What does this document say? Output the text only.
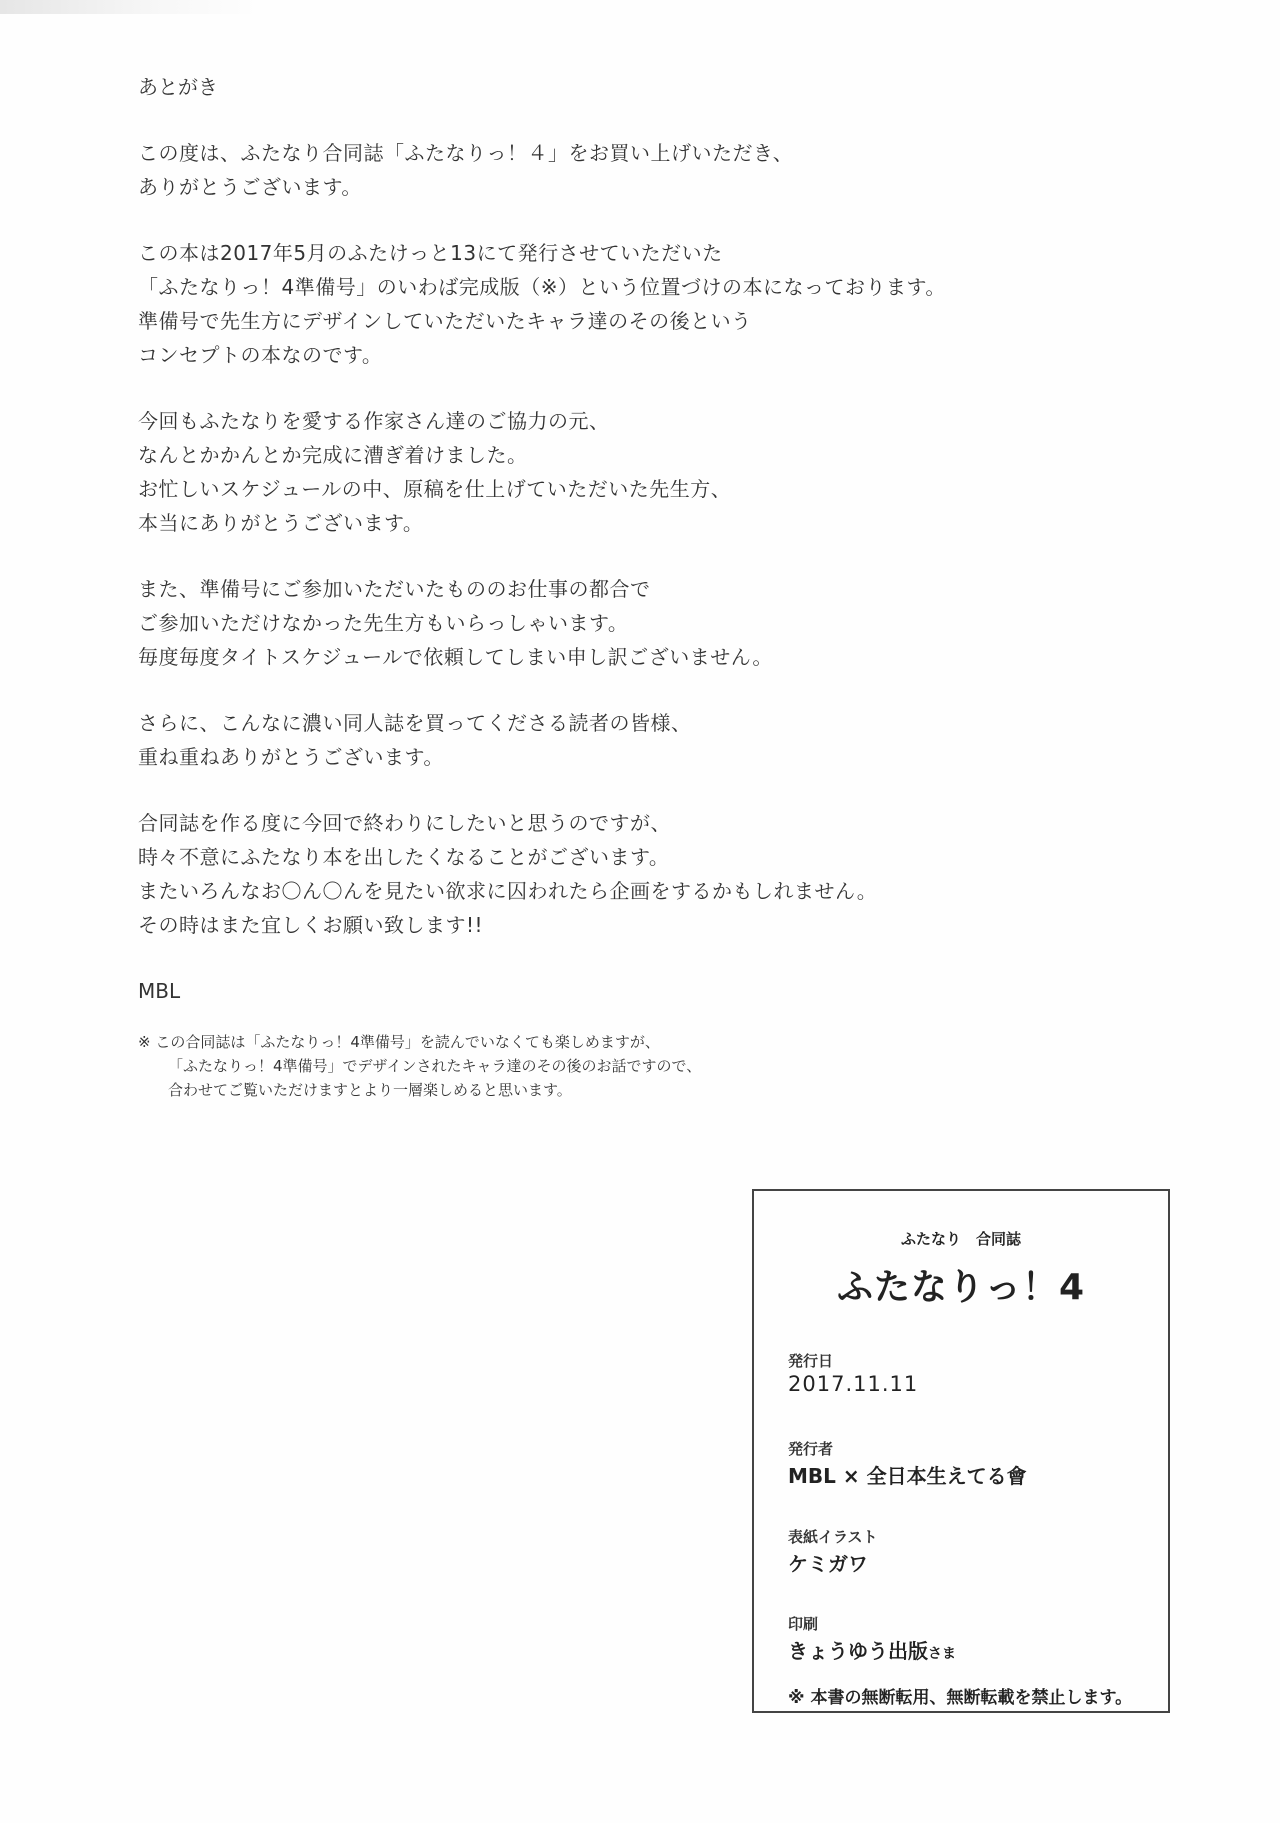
あとがき
この度は、ふたなり合同誌「ふたなりっ！４」をお買い上げいただき、
ありがとうございます。
この本は2017年5月のふたけっと13にて発行させていただいた
「ふたなりっ！4準備号」のいわば完成版（※）という位置づけの本になっております。
準備号で先生方にデザインしていただいたキャラ達のその後という
コンセプトの本なのです。
今回もふたなりを愛する作家さん達のご協力の元、
なんとかかんとか完成に漕ぎ着けました。
お忙しいスケジュールの中、原稿を仕上げていただいた先生方、
本当にありがとうございます。
また、準備号にご参加いただいたもののお仕事の都合で
ご参加いただけなかった先生方もいらっしゃいます。
毎度毎度タイトスケジュールで依頼してしまい申し訳ございません。
さらに、こんなに濃い同人誌を買ってくださる読者の皆様、
重ね重ねありがとうございます。
合同誌を作る度に今回で終わりにしたいと思うのですが、
時々不意にふたなり本を出したくなることがございます。
またいろんなお〇ん〇んを見たい欲求に囚われたら企画をするかもしれません。
その時はまた宜しくお願い致します!!
MBL
※ この合同誌は「ふたなりっ！4準備号」を読んでいなくても楽しめますが、
「ふたなりっ！4準備号」でデザインされたキャラ達のその後のお話ですので、
合わせてご覧いただけますとより一層楽しめると思います。
ふたなり　合同誌
ふたなりっ！4
発行日
2017.11.11
発行者
MBL × 全日本生えてる會
表紙イラスト
ケミガワ
印刷
きょうゆう出版さま
※ 本書の無断転用、無断転載を禁止します。
